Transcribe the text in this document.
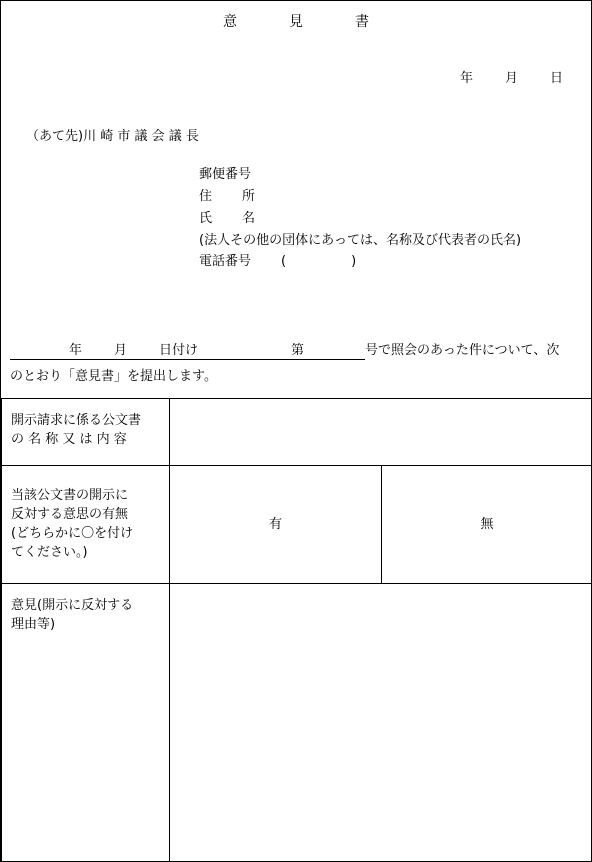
意	見	書
年 月 日
（あて先)川 崎 市 議 会 議 長
郵便番号
住 所
氏 名
(法人その他の団体にあっては、名称及び代表者の氏名)
電話番号 (　　　　　)
年 月 日付け	第	号で照会のあった件について、次
のとおり「意見書」を提出します。
開示請求に係る公文書
の 名 称 又 は 内 容		

当該公文書の開示に
反対する意思の有無
(どちらかに〇を付け
てください。)	有	無

意見(開示に反対する
理由等)		
